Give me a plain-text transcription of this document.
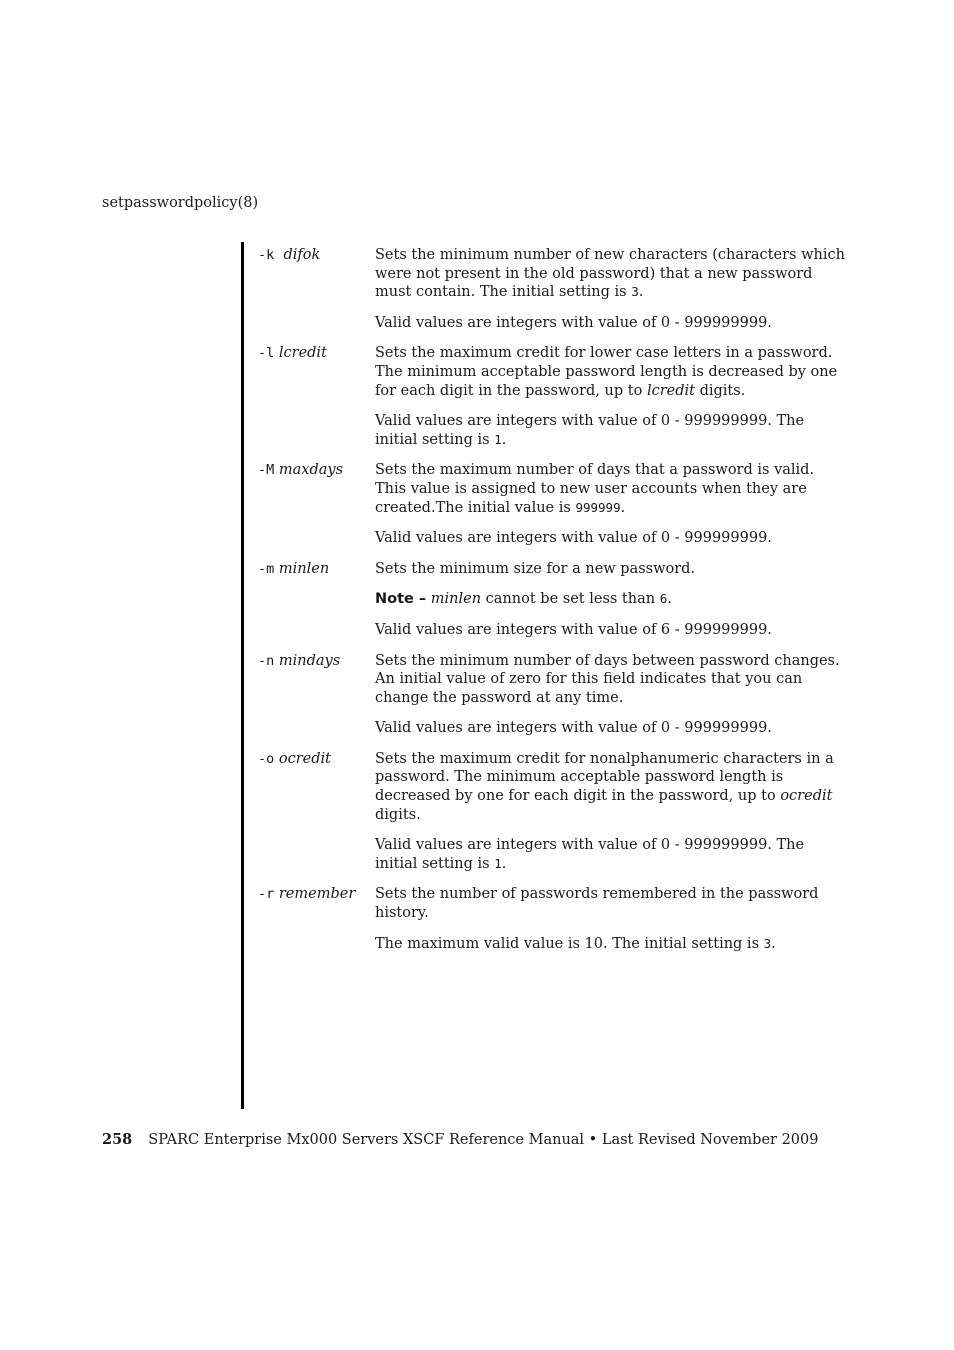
setpasswordpolicy(8)
-k difok	Sets the minimum number of new characters (characters which were not present in the old password) that a new password must contain. The initial setting is 3.

Valid values are integers with value of 0 - 999999999.

-l lcredit	Sets the maximum credit for lower case letters in a password. The minimum acceptable password length is decreased by one for each digit in the password, up to lcredit digits.

Valid values are integers with value of 0 - 999999999. The initial setting is 1.

-M maxdays	Sets the maximum number of days that a password is valid. This value is assigned to new user accounts when they are created.The initial value is 999999.

Valid values are integers with value of 0 - 999999999.

-m minlen	Sets the minimum size for a new password.

Note – minlen cannot be set less than 6.

Valid values are integers with value of 6 - 999999999.

-n mindays	Sets the minimum number of days between password changes. An initial value of zero for this field indicates that you can change the password at any time.

Valid values are integers with value of 0 - 999999999.

-o ocredit	Sets the maximum credit for nonalphanumeric characters in a password. The minimum acceptable password length is decreased by one for each digit in the password, up to ocredit digits.

Valid values are integers with value of 0 - 999999999. The initial setting is 1.

-r remember	Sets the number of passwords remembered in the password history.

The maximum valid value is 10. The initial setting is 3.

258 SPARC Enterprise Mx000 Servers XSCF Reference Manual • Last Revised November 2009
